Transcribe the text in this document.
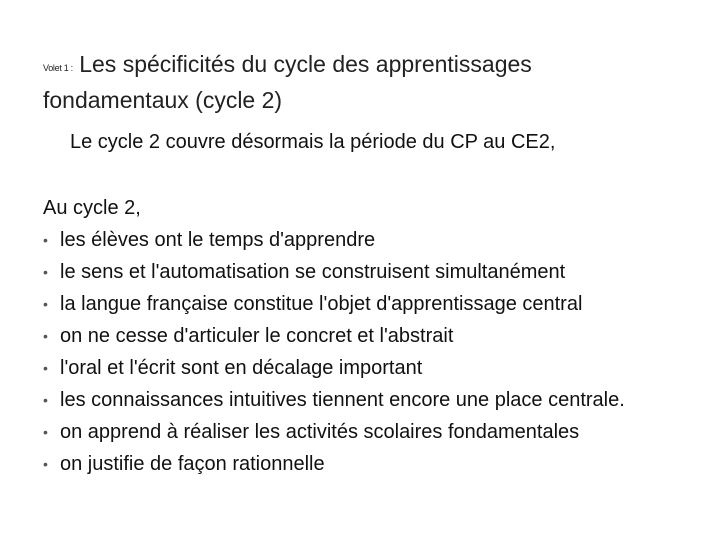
Volet 1 : Les spécificités du cycle des apprentissages fondamentaux (cycle 2)
Le cycle 2 couvre désormais la période du CP au CE2,

Au cycle 2,

• les élèves ont le temps d'apprendre
• le sens et l'automatisation se construisent simultanément
• la langue française constitue l'objet d'apprentissage central
• on ne cesse d'articuler le concret et l'abstrait
• l'oral et l'écrit sont en décalage important
• les connaissances intuitives tiennent encore une place centrale.
• on apprend à réaliser les activités scolaires fondamentales
• on justifie de façon rationnelle
